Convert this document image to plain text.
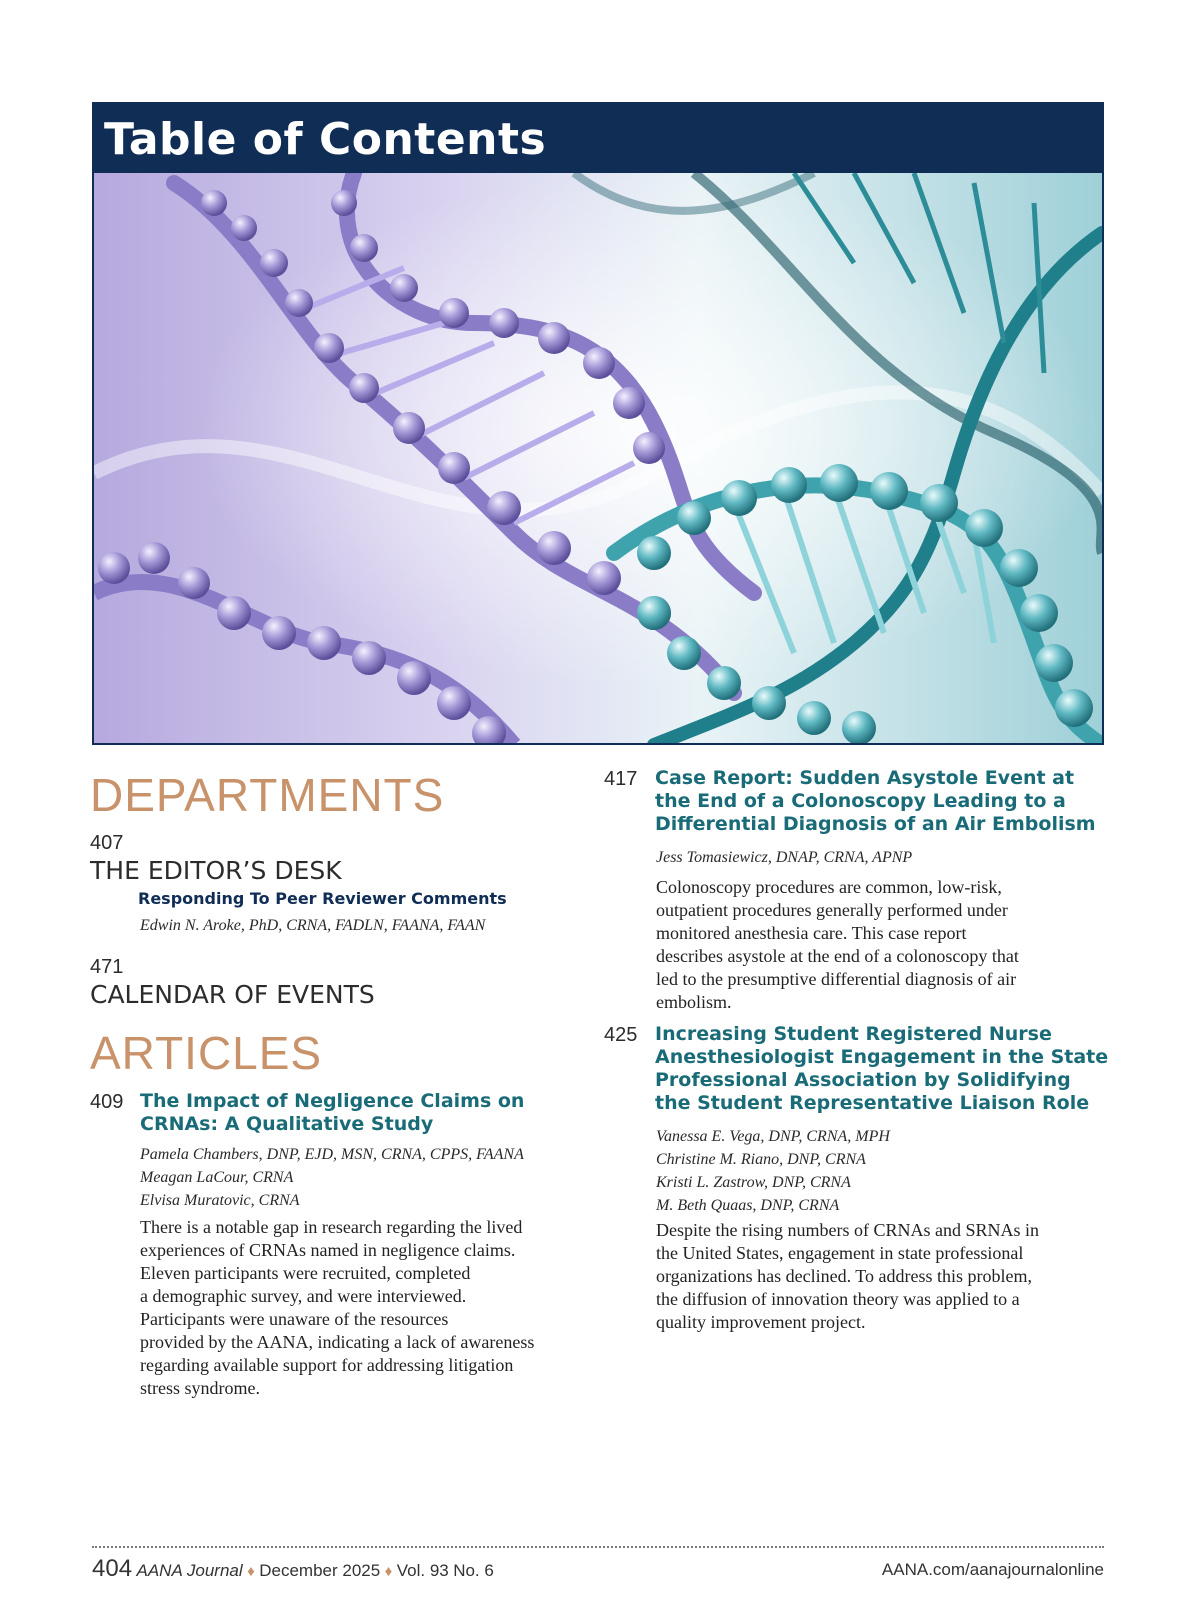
Table of Contents
DEPARTMENTS
407
THE EDITOR’S DESK
Responding To Peer Reviewer Comments
Edwin N. Aroke, PhD, CRNA, FADLN, FAANA, FAAN
471
CALENDAR OF EVENTS
ARTICLES
409 The Impact of Negligence Claims on
CRNAs: A Qualitative Study
Pamela Chambers, DNP, EJD, MSN, CRNA, CPPS, FAANA
Meagan LaCour, CRNA
Elvisa Muratovic, CRNA
There is a notable gap in research regarding the lived
experiences of CRNAs named in negligence claims.
Eleven participants were recruited, completed
a demographic survey, and were interviewed.
Participants were unaware of the resources
provided by the AANA, indicating a lack of awareness
regarding available support for addressing litigation
stress syndrome.
417 Case Report: Sudden Asystole Event at
the End of a Colonoscopy Leading to a
Differential Diagnosis of an Air Embolism
Jess Tomasiewicz, DNAP, CRNA, APNP
Colonoscopy procedures are common, low-risk,
outpatient procedures generally performed under
monitored anesthesia care. This case report
describes asystole at the end of a colonoscopy that
led to the presumptive differential diagnosis of air
embolism.
425 Increasing Student Registered Nurse
Anesthesiologist Engagement in the State
Professional Association by Solidifying
the Student Representative Liaison Role
Vanessa E. Vega, DNP, CRNA, MPH
Christine M. Riano, DNP, CRNA
Kristi L. Zastrow, DNP, CRNA
M. Beth Quaas, DNP, CRNA
Despite the rising numbers of CRNAs and SRNAs in
the United States, engagement in state professional
organizations has declined. To address this problem,
the diffusion of innovation theory was applied to a
quality improvement project.
404 AANA Journal ♦ December 2025 ♦ Vol. 93 No. 6	AANA.com/aanajournalonline
